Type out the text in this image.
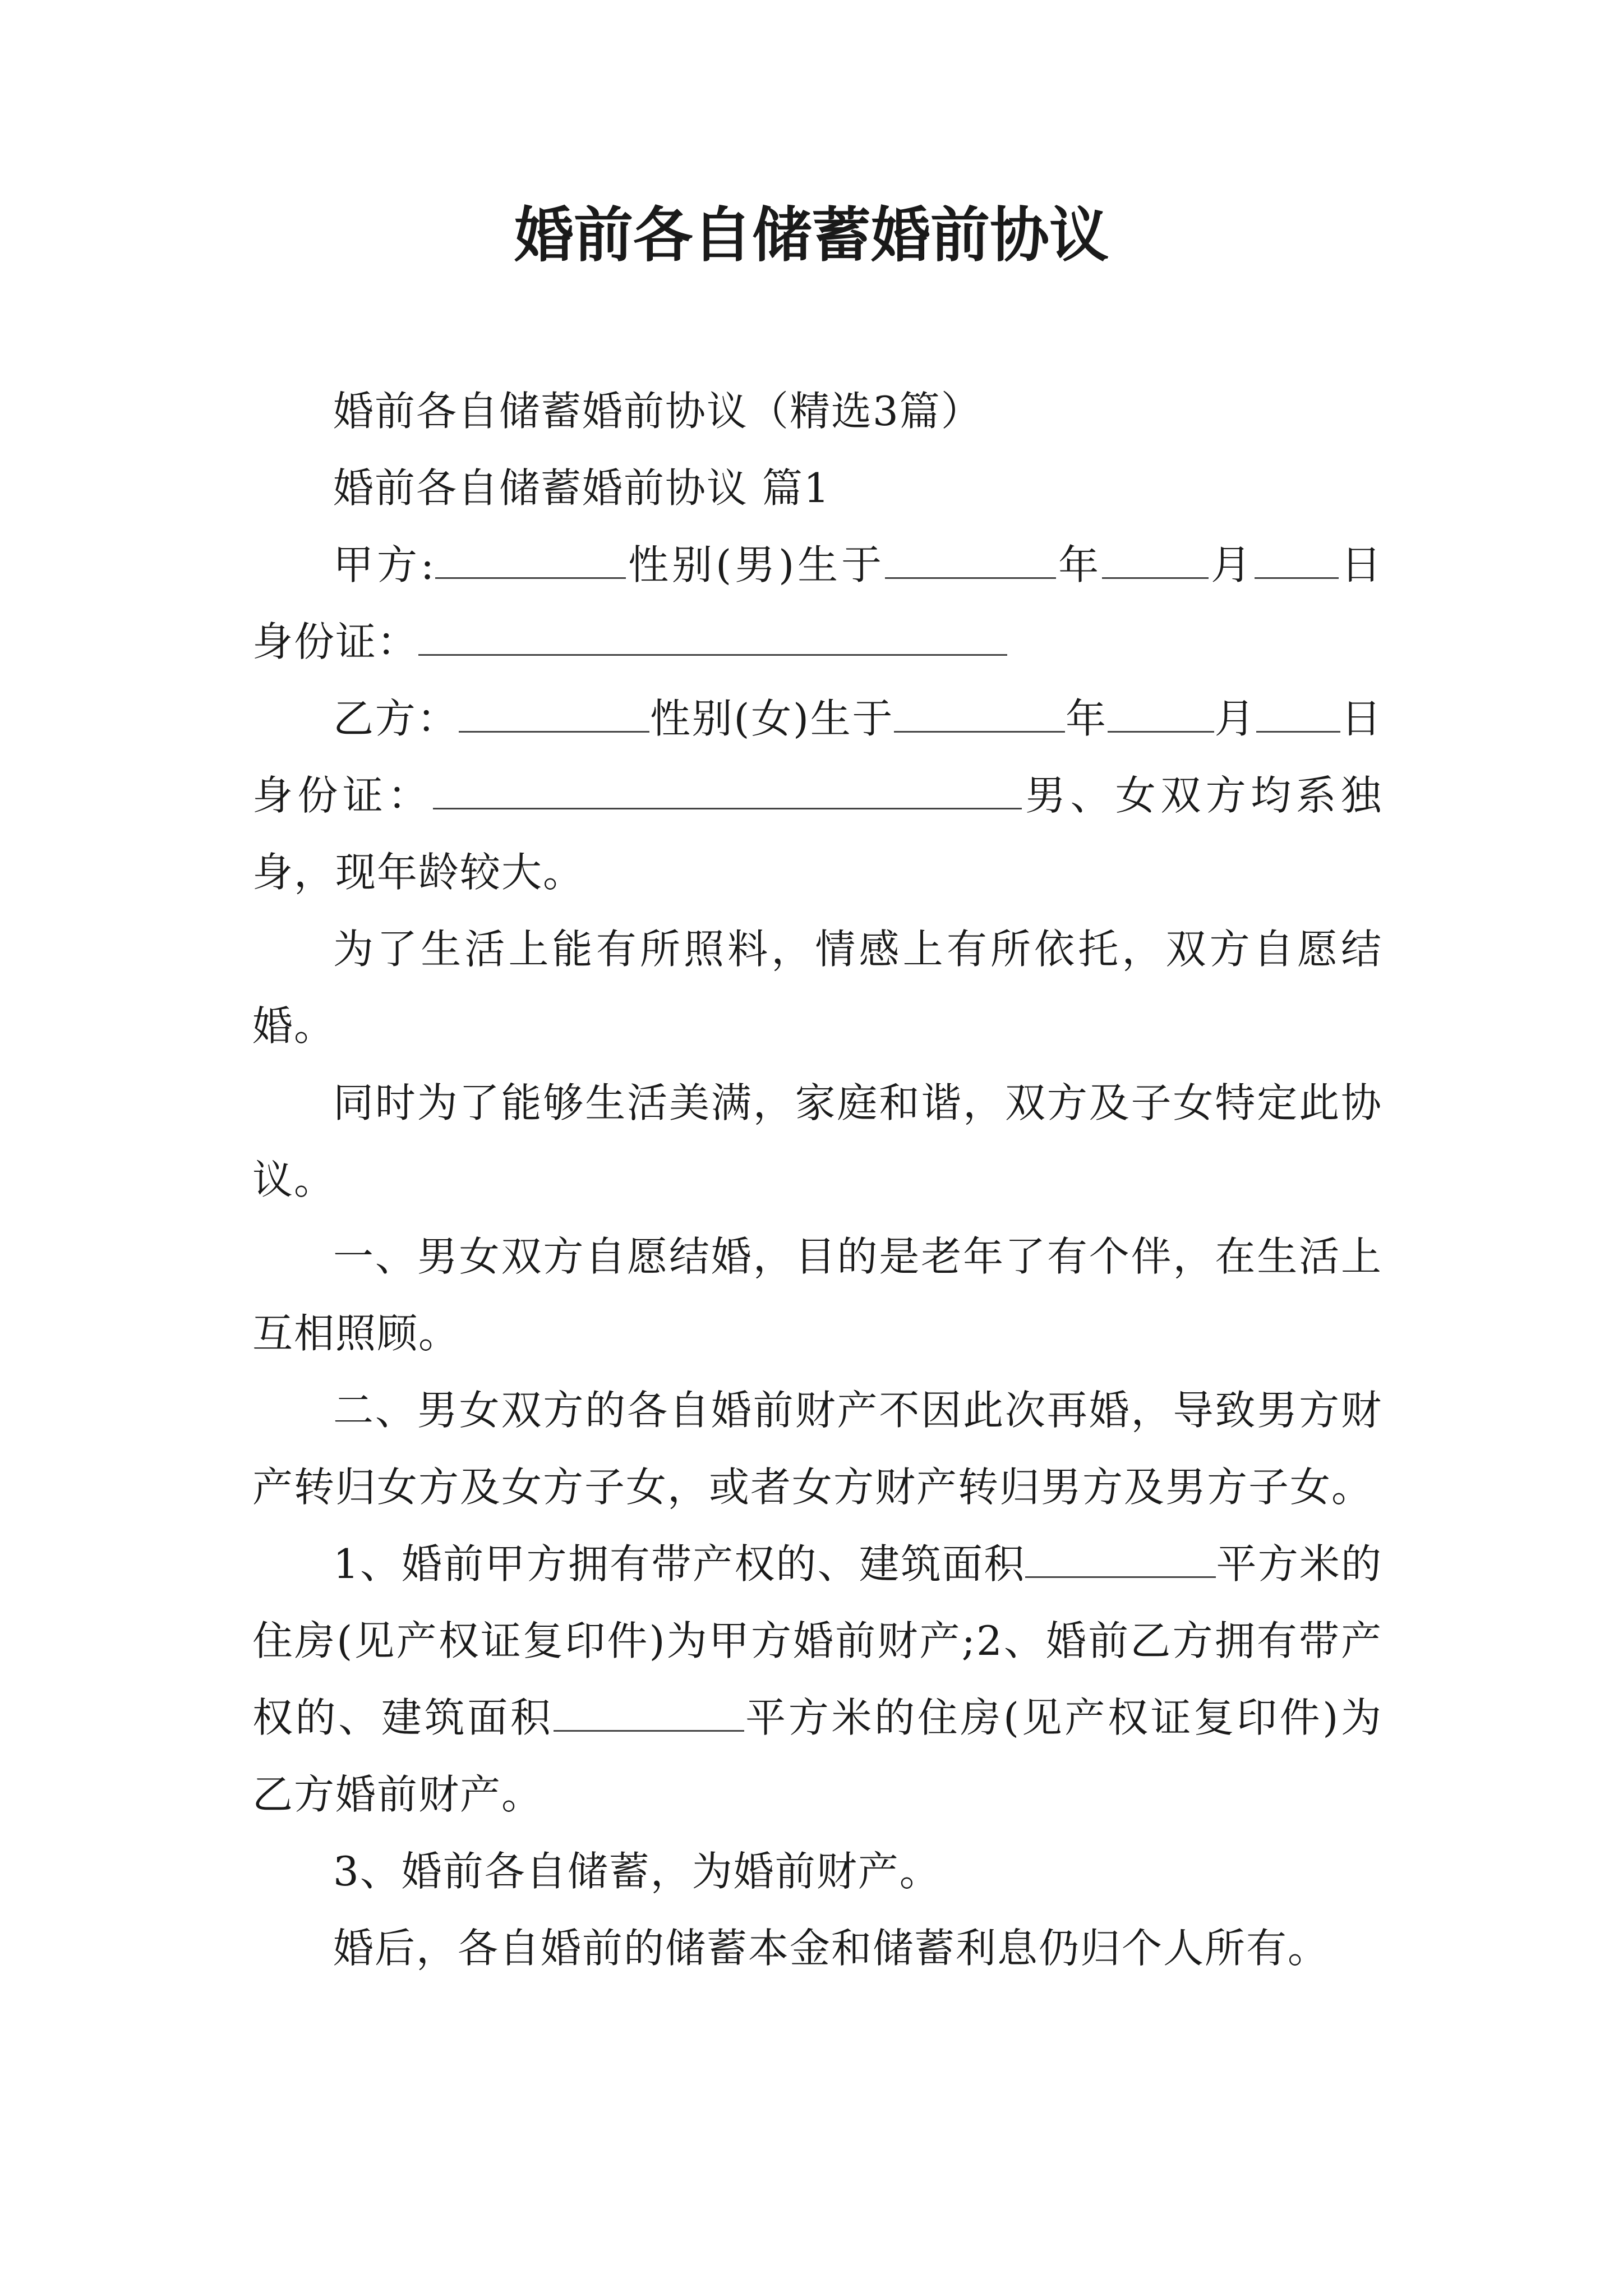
婚前各自储蓄婚前协议

婚前各自储蓄婚前协议（精选3篇）

婚前各自储蓄婚前协议 篇1

甲方:	性别(男)生于	年	月 日身份证：

乙方：	性别(女)生于	年	月 日身份证：	男、女双方均系独身，现年龄较大。

为了生活上能有所照料，情感上有所依托，双方自愿结婚。

同时为了能够生活美满，家庭和谐，双方及子女特定此协议。

一、男女双方自愿结婚，目的是老年了有个伴，在生活上互相照顾。

二、男女双方的各自婚前财产不因此次再婚，导致男方财产转归女方及女方子女，或者女方财产转归男方及男方子女。

1、婚前甲方拥有带产权的、建筑面积	平方米的住房(见产权证复印件)为甲方婚前财产;2、婚前乙方拥有带产权的、建筑面积	平方米的住房(见产权证复印件)为乙方婚前财产。

3、婚前各自储蓄，为婚前财产。

婚后，各自婚前的储蓄本金和储蓄利息仍归个人所有。
